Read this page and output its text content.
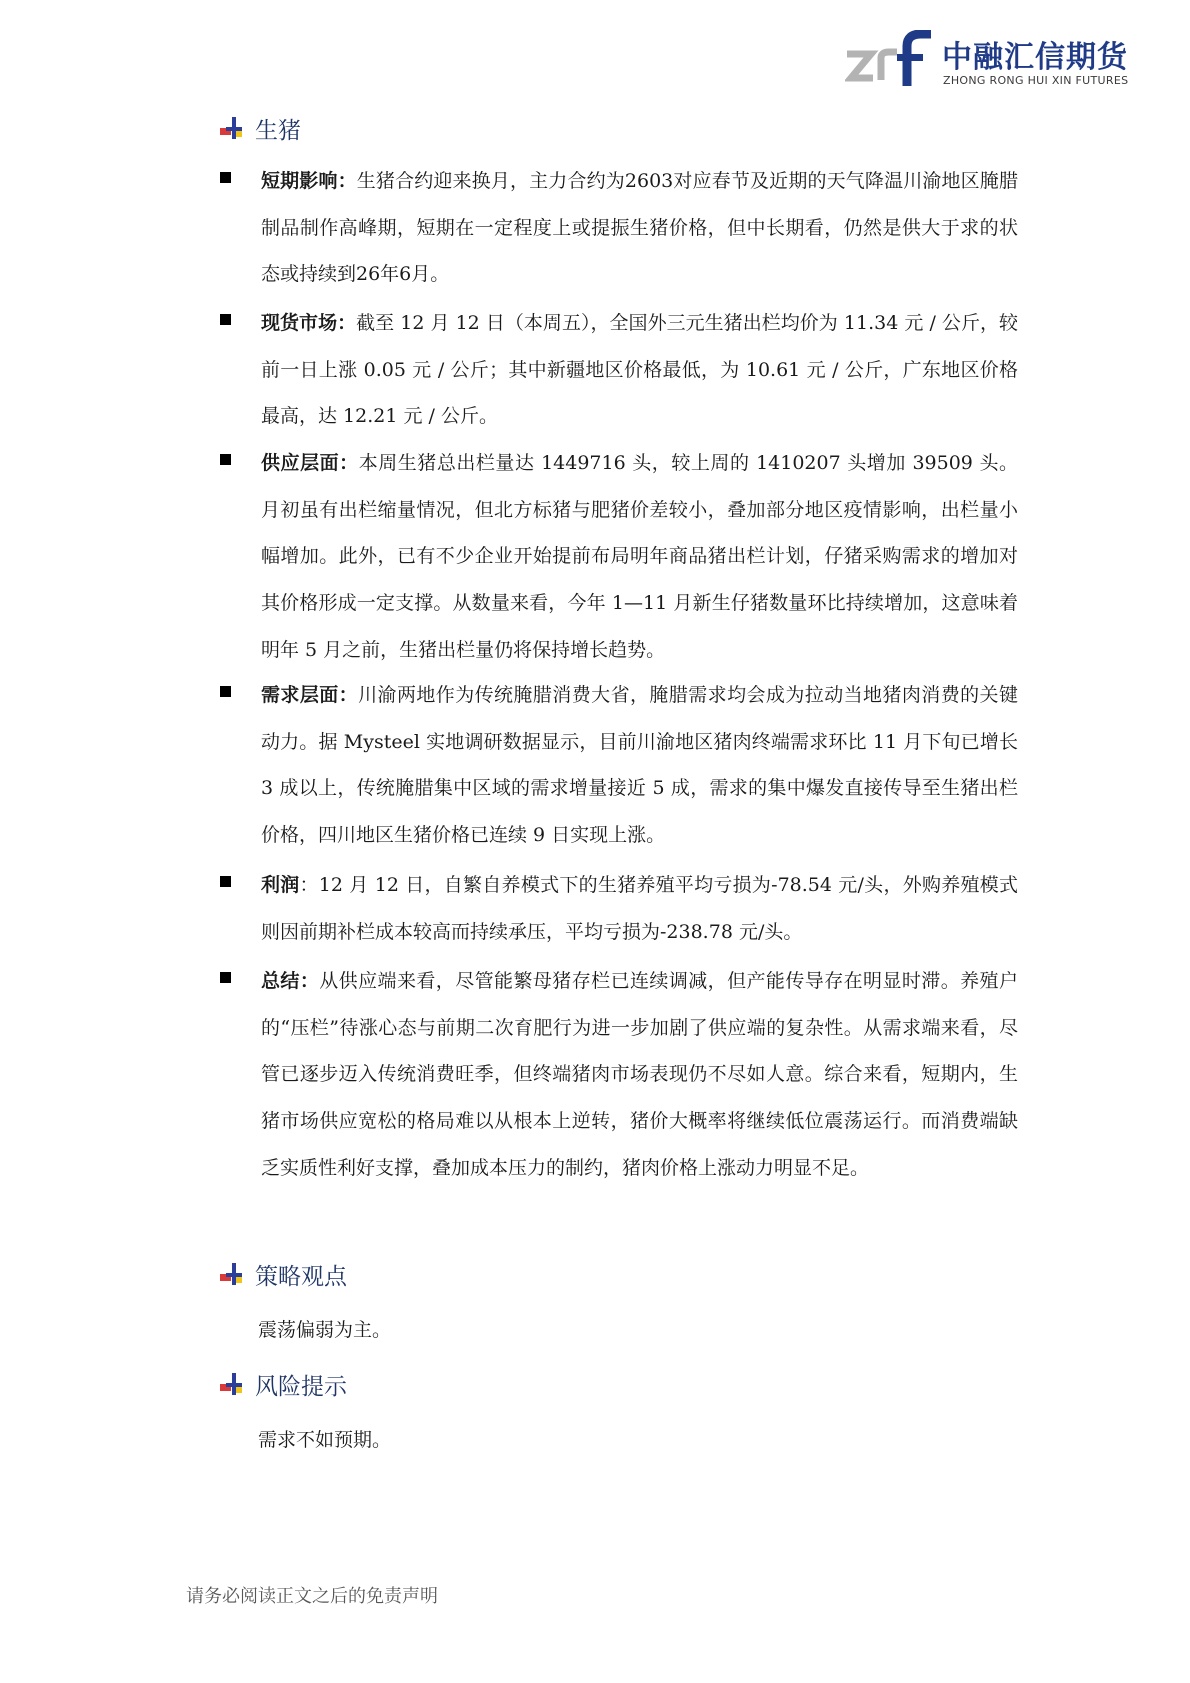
中融汇信期货
ZHONG RONG HUI XIN FUTURES
生猪
短期影响：生猪合约迎来换月，主力合约为2603对应春节及近期的天气降温川渝地区腌腊制品制作高峰期，短期在一定程度上或提振生猪价格，但中长期看，仍然是供大于求的状态或持续到26年6月。
现货市场：截至 12 月 12 日（本周五），全国外三元生猪出栏均价为 11.34 元 / 公斤，较前一日上涨 0.05 元 / 公斤；其中新疆地区价格最低，为 10.61 元 / 公斤，广东地区价格最高，达 12.21 元 / 公斤。
供应层面：本周生猪总出栏量达 1449716 头，较上周的 1410207 头增加 39509 头。月初虽有出栏缩量情况，但北方标猪与肥猪价差较小，叠加部分地区疫情影响，出栏量小幅增加。此外，已有不少企业开始提前布局明年商品猪出栏计划，仔猪采购需求的增加对其价格形成一定支撑。从数量来看，今年 1—11 月新生仔猪数量环比持续增加，这意味着明年 5 月之前，生猪出栏量仍将保持增长趋势。
需求层面：川渝两地作为传统腌腊消费大省，腌腊需求均会成为拉动当地猪肉消费的关键动力。据 Mysteel 实地调研数据显示，目前川渝地区猪肉终端需求环比 11 月下旬已增长 3 成以上，传统腌腊集中区域的需求增量接近 5 成，需求的集中爆发直接传导至生猪出栏价格，四川地区生猪价格已连续 9 日实现上涨。
利润：12 月 12 日，自繁自养模式下的生猪养殖平均亏损为-78.54 元/头，外购养殖模式则因前期补栏成本较高而持续承压，平均亏损为-238.78 元/头。
总结：从供应端来看，尽管能繁母猪存栏已连续调减，但产能传导存在明显时滞。养殖户的“压栏”待涨心态与前期二次育肥行为进一步加剧了供应端的复杂性。从需求端来看，尽管已逐步迈入传统消费旺季，但终端猪肉市场表现仍不尽如人意。综合来看，短期内，生猪市场供应宽松的格局难以从根本上逆转，猪价大概率将继续低位震荡运行。而消费端缺乏实质性利好支撑，叠加成本压力的制约，猪肉价格上涨动力明显不足。
策略观点
震荡偏弱为主。
风险提示
需求不如预期。
请务必阅读正文之后的免责声明
